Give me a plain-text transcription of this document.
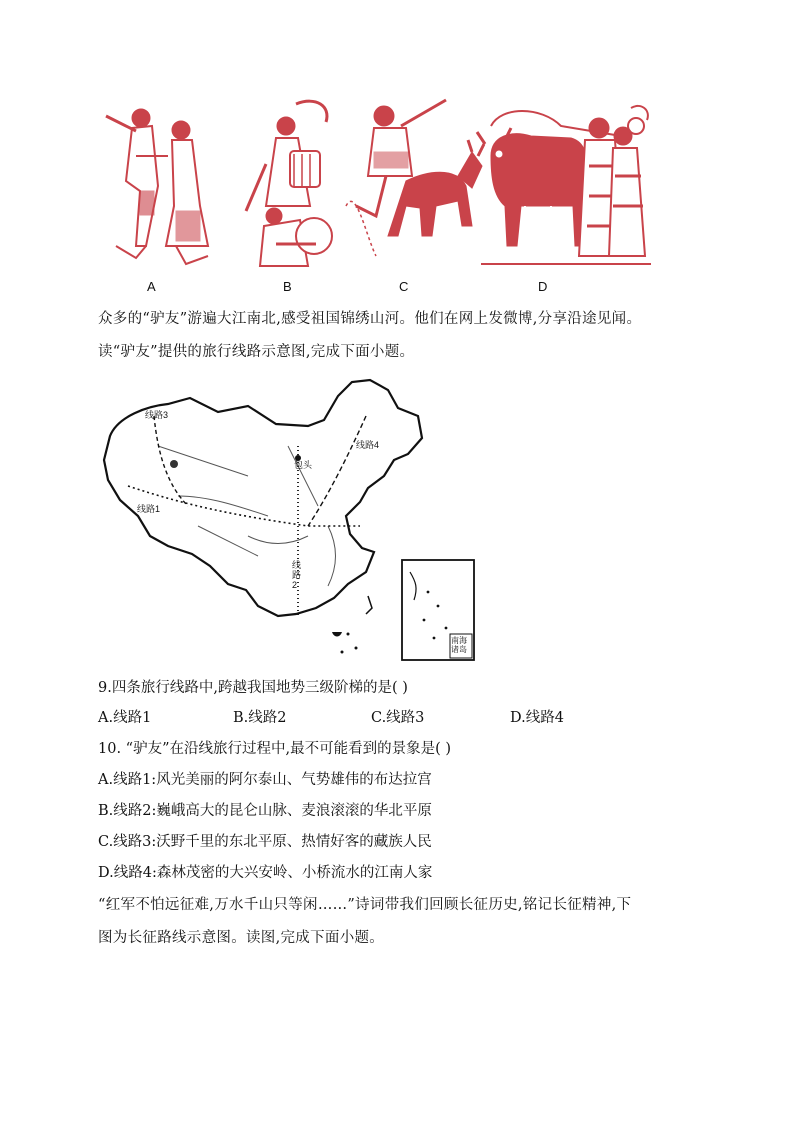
A	B	C	D
众多的“驴友”游遍大江南北,感受祖国锦绣山河。他们在网上发微博,分享沿途见闻。
读“驴友”提供的旅行线路示意图,完成下面小题。
线路1
线路3
包头
线路4
线路2
南海诸岛
9.四条旅行线路中,跨越我国地势三级阶梯的是( )
A.线路1	B.线路2	C.线路3	D.线路4
10. “驴友”在沿线旅行过程中,最不可能看到的景象是( )
A.线路1:风光美丽的阿尔泰山、气势雄伟的布达拉宫
B.线路2:巍峨高大的昆仑山脉、麦浪滚滚的华北平原
C.线路3:沃野千里的东北平原、热情好客的藏族人民
D.线路4:森林茂密的大兴安岭、小桥流水的江南人家
“红军不怕远征难,万水千山只等闲……”诗词带我们回顾长征历史,铭记长征精神,下
图为长征路线示意图。读图,完成下面小题。
